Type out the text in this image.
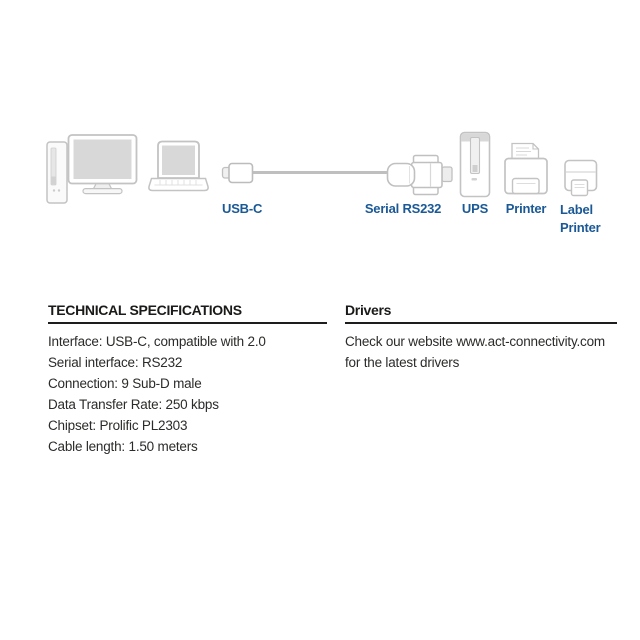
USB-C	Serial RS232 UPS Printer Label
Printer
TECHNICAL SPECIFICATIONS
Interface: USB-C, compatible with 2.0
Serial interface: RS232
Connection: 9 Sub-D male
Data Transfer Rate: 250 kbps
Chipset: Prolific PL2303
Cable length: 1.50 meters
Drivers
Check our website www.act-connectivity.com
for the latest drivers
